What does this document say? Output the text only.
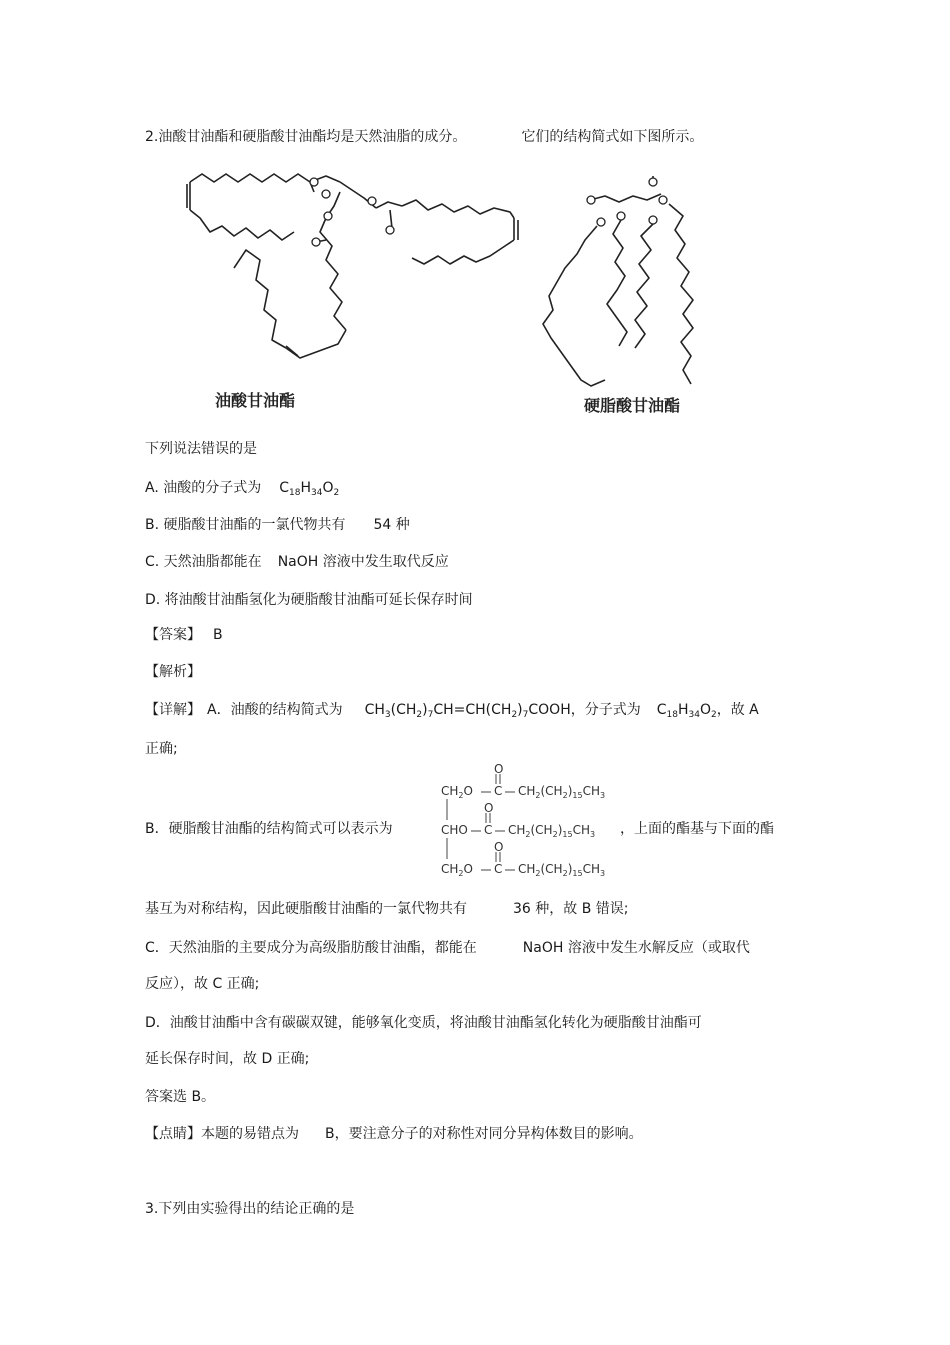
2.油酸甘油酯和硬脂酸甘油酯均是天然油脂的成分。	它们的结构简式如下图所示。
油酸甘油酯	硬脂酸甘油酯
下列说法错误的是
A. 油酸的分子式为 $C_{18}H_{34}O_2$
B. 硬脂酸甘油酯的一氯代物共有 54 种
C. 天然油脂都能在 NaOH 溶液中发生取代反应
D. 将油酸甘油酯氢化为硬脂酸甘油酯可延长保存时间
【答案】 B
【解析】
【详解】 A．油酸的结构简式为 $CH_3(CH_2)_7CH=CH(CH_2)_7COOH$，分子式为 $C_{18}H_{34}O_2$，故 A
正确;
B．硬脂酸甘油酯的结构简式可以表示为
O
O
O
$CH_2O$ C $CH_2(CH_2)_{15}CH_3$
CHO C $CH_2(CH_2)_{15}CH_3$
$CH_2O$ C $CH_2(CH_2)_{15}CH_3$
，上面的酯基与下面的酯
基互为对称结构，因此硬脂酸甘油酯的一氯代物共有	36 种，故 B 错误;
C．天然油脂的主要成分为高级脂肪酸甘油酯，都能在	NaOH 溶液中发生水解反应（或取代
反应），故 C 正确;
D．油酸甘油酯中含有碳碳双键，能够氧化变质，将油酸甘油酯氢化转化为硬脂酸甘油酯可
延长保存时间，故 D 正确;
答案选 B。
【点睛】本题的易错点为 B，要注意分子的对称性对同分异构体数目的影响。
3.下列由实验得出的结论正确的是
